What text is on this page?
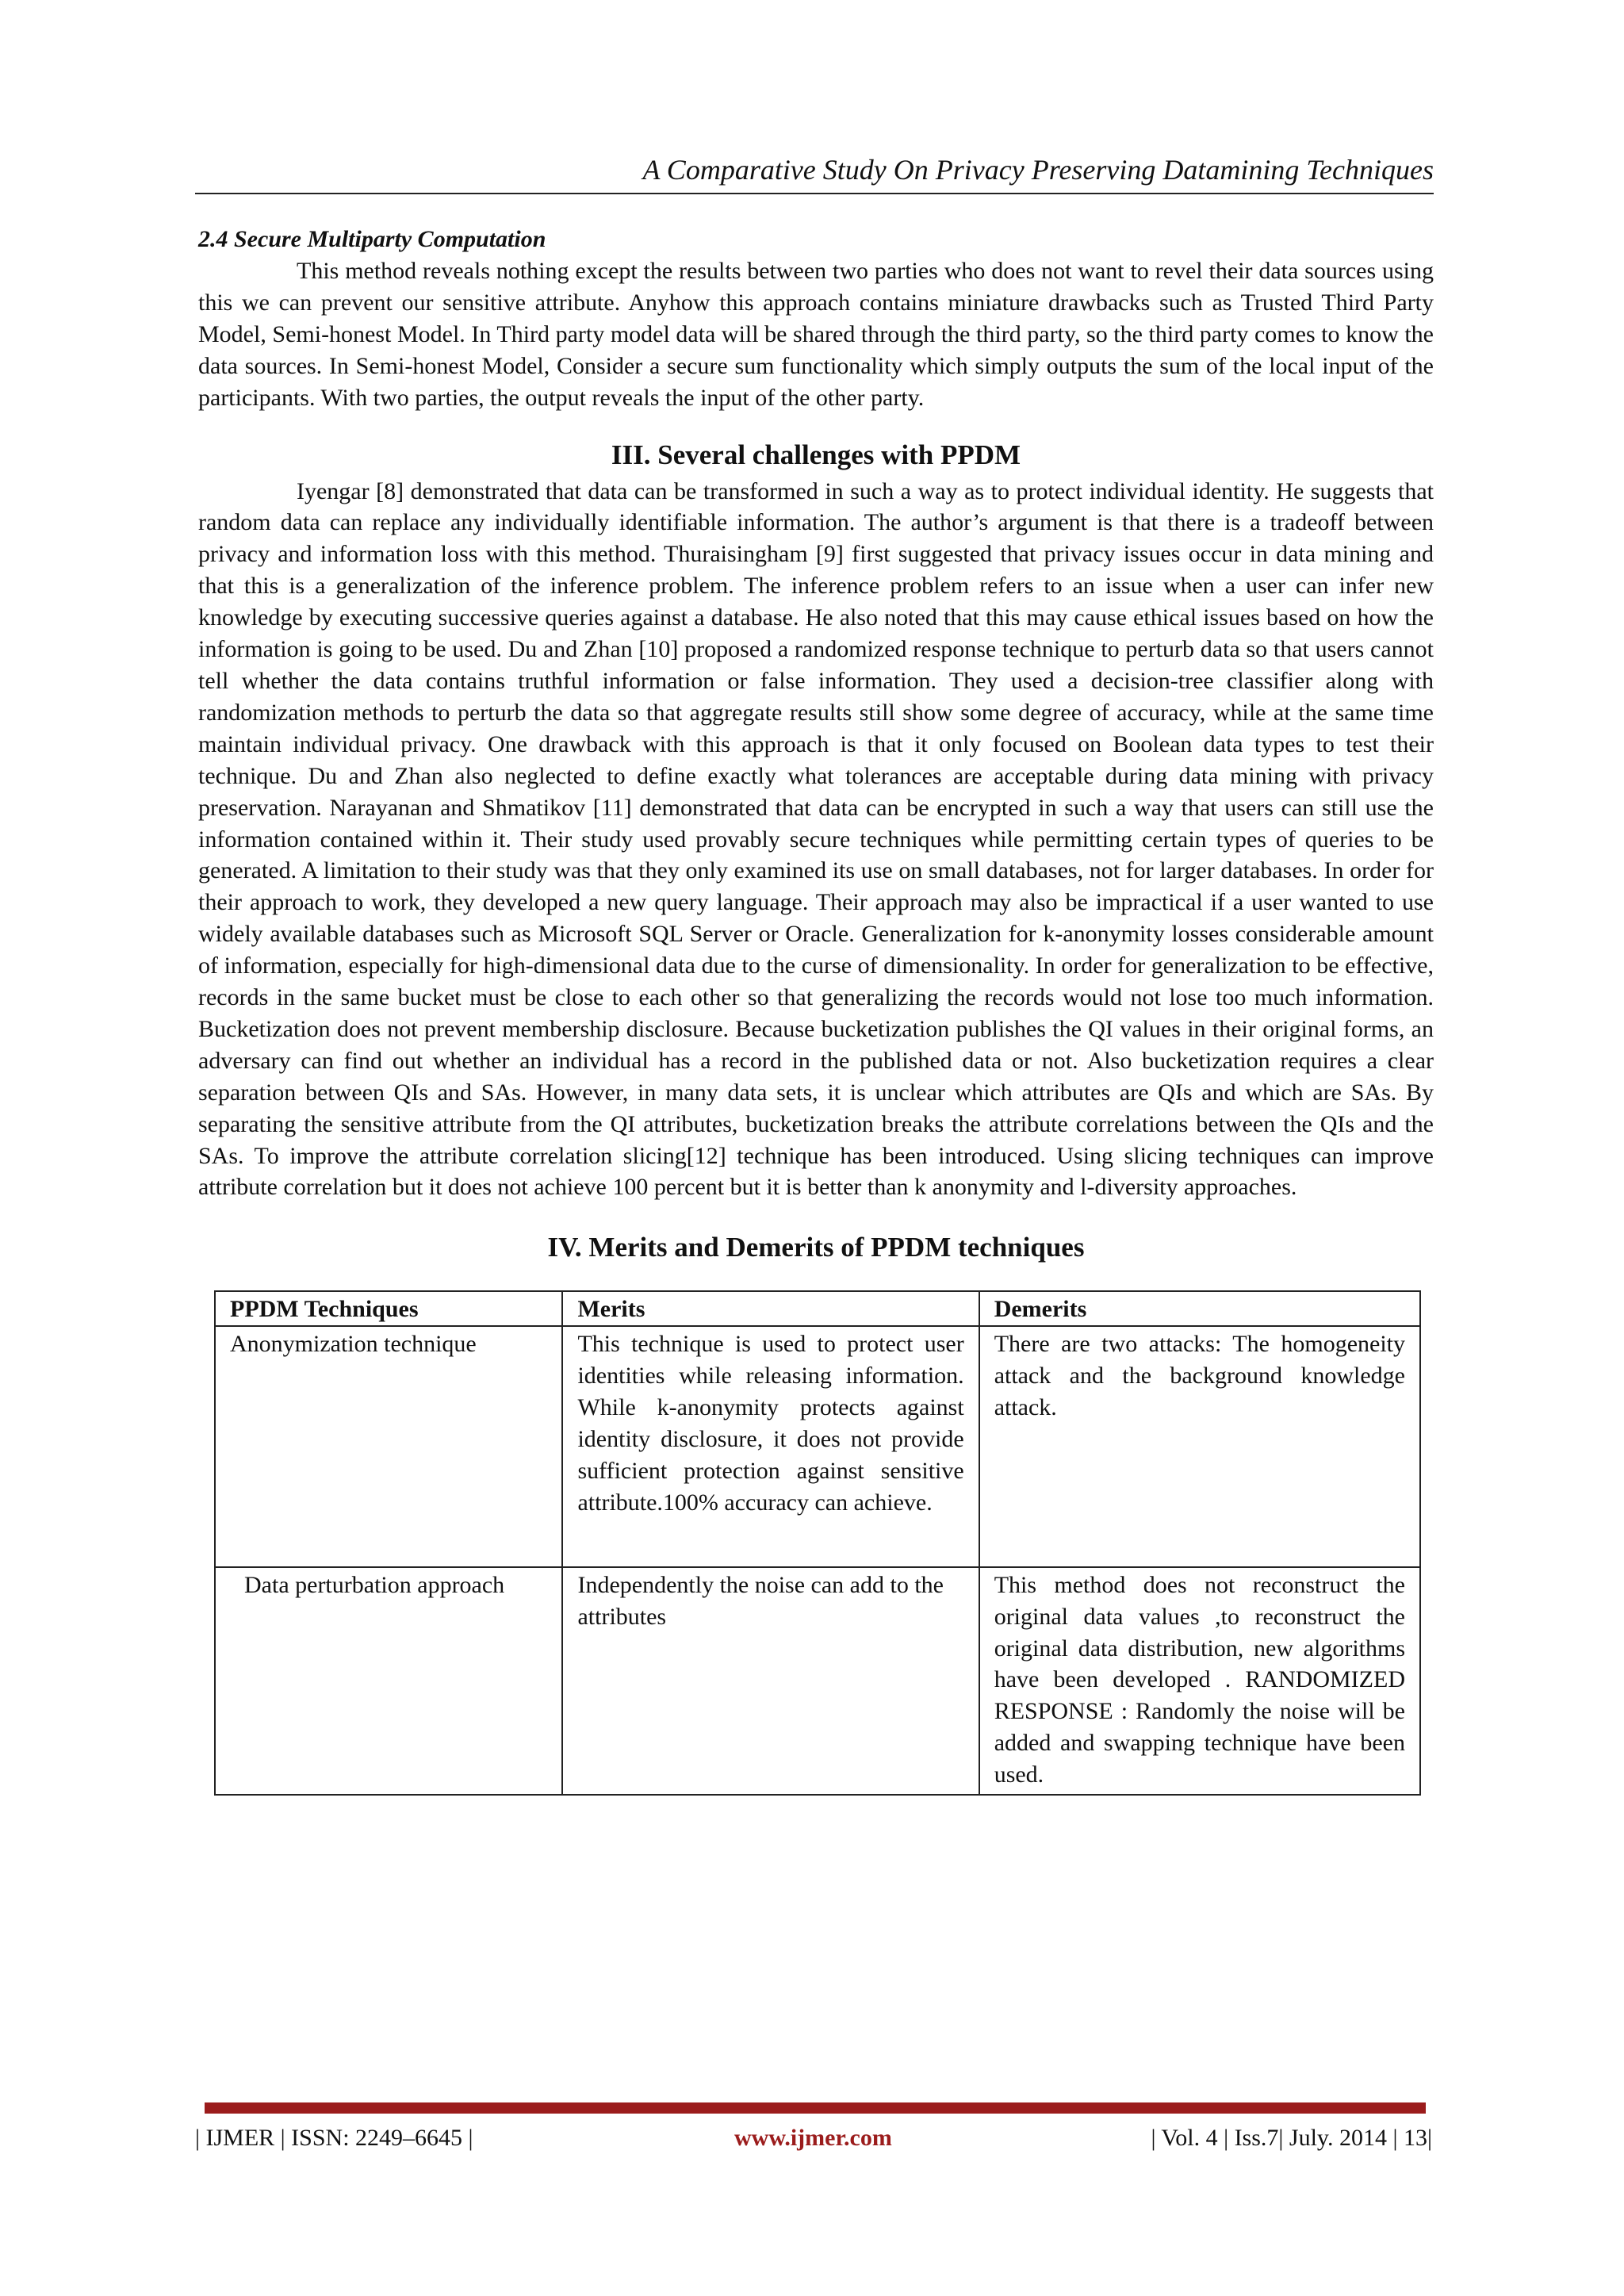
A Comparative Study On Privacy Preserving Datamining Techniques

2.4 Secure Multiparty Computation

This method reveals nothing except the results between two parties who does not want to revel their data sources using this we can prevent our sensitive attribute. Anyhow this approach contains miniature drawbacks such as Trusted Third Party Model, Semi-honest Model. In Third party model data will be shared through the third party, so the third party comes to know the data sources. In Semi-honest Model, Consider a secure sum functionality which simply outputs the sum of the local input of the participants. With two parties, the output reveals the input of the other party.

III. Several challenges with PPDM

Iyengar [8] demonstrated that data can be transformed in such a way as to protect individual identity. He suggests that random data can replace any individually identifiable information. The author’s argument is that there is a tradeoff between privacy and information loss with this method. Thuraisingham [9] first suggested that privacy issues occur in data mining and that this is a generalization of the inference problem. The inference problem refers to an issue when a user can infer new knowledge by executing successive queries against a database. He also noted that this may cause ethical issues based on how the information is going to be used. Du and Zhan [10] proposed a randomized response technique to perturb data so that users cannot tell whether the data contains truthful information or false information. They used a decision-tree classifier along with randomization methods to perturb the data so that aggregate results still show some degree of accuracy, while at the same time maintain individual privacy. One drawback with this approach is that it only focused on Boolean data types to test their technique. Du and Zhan also neglected to define exactly what tolerances are acceptable during data mining with privacy preservation. Narayanan and Shmatikov [11] demonstrated that data can be encrypted in such a way that users can still use the information contained within it. Their study used provably secure techniques while permitting certain types of queries to be generated. A limitation to their study was that they only examined its use on small databases, not for larger databases. In order for their approach to work, they developed a new query language. Their approach may also be impractical if a user wanted to use widely available databases such as Microsoft SQL Server or Oracle. Generalization for k-anonymity losses considerable amount of information, especially for high-dimensional data due to the curse of dimensionality. In order for generalization to be effective, records in the same bucket must be close to each other so that generalizing the records would not lose too much information. Bucketization does not prevent membership disclosure. Because bucketization publishes the QI values in their original forms, an adversary can find out whether an individual has a record in the published data or not. Also bucketization requires a clear separation between QIs and SAs. However, in many data sets, it is unclear which attributes are QIs and which are SAs. By separating the sensitive attribute from the QI attributes, bucketization breaks the attribute correlations between the QIs and the SAs. To improve the attribute correlation slicing[12] technique has been introduced. Using slicing techniques can improve attribute correlation but it does not achieve 100 percent but it is better than k anonymity and l-diversity approaches.

IV. Merits and Demerits of PPDM techniques

PPDM Techniques	Merits	Demerits
Anonymization technique	This technique is used to protect user identities while releasing information. While k-anonymity protects against identity disclosure, it does not provide sufficient protection against sensitive attribute.100% accuracy can achieve.	There are two attacks: The homogeneity attack and the background knowledge attack.
Data perturbation approach	Independently the noise can add to the attributes	This method does not reconstruct the original data values ,to reconstruct the original data distribution, new algorithms have been developed . RANDOMIZED RESPONSE : Randomly the noise will be added and swapping technique have been used.
| IJMER | ISSN: 2249–6645 |	www.ijmer.com	| Vol. 4 | Iss.7| July. 2014 | 13|
